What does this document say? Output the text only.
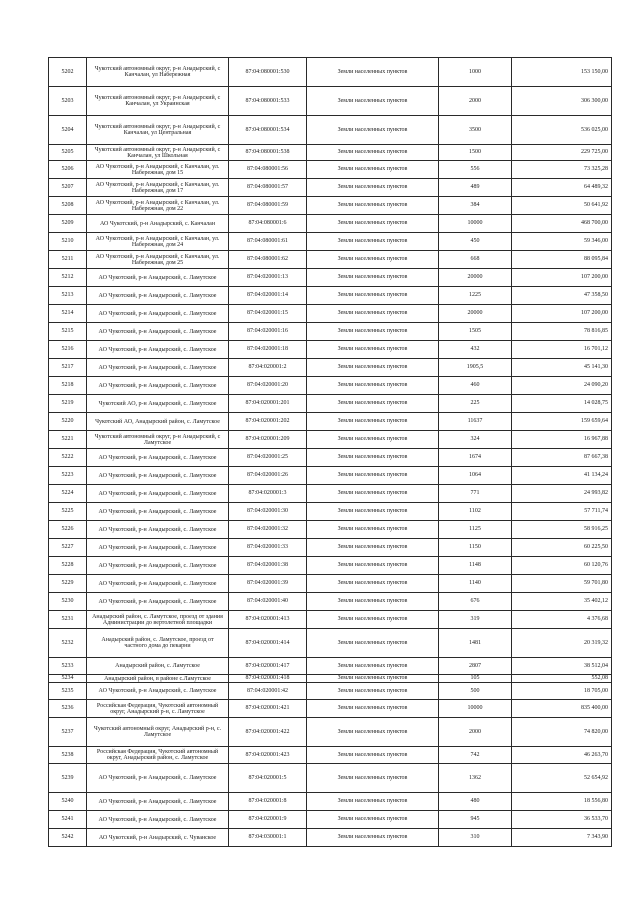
5202	Чукотский автономный округ, р-н Анадырский, с Канчалан, ул Набережная	87:04:080001:530	Земли населенных пунктов	1000	153 150,00
5203	Чукотский автономный округ, р-н Анадырский, с Канчалан, ул Украинская	87:04:080001:533	Земли населенных пунктов	2000	306 300,00
5204	Чукотский автономный округ, р-н Анадырский, с Канчалан, ул Центральная	87:04:080001:534	Земли населенных пунктов	3500	536 025,00
5205	Чукотский автономный округ, р-н Анадырский, с Канчалан, ул Школьная	87:04:080001:538	Земли населенных пунктов	1500	229 725,00
5206	АО Чукотский, р-н Анадырский, с Канчалан, ул. Набережная, дом 15	87:04:080001:56	Земли населенных пунктов	556	73 325,28
5207	АО Чукотский, р-н Анадырский, с Канчалан, ул. Набережная, дом 17	87:04:080001:57	Земли населенных пунктов	489	64 489,32
5208	АО Чукотский, р-н Анадырский, с Канчалан, ул. Набережная, дом 22	87:04:080001:59	Земли населенных пунктов	384	50 641,92
5209	АО Чукотский, р-н Анадырский, с. Канчалан	87:04:080001:6	Земли населенных пунктов	10000	468 700,00
5210	АО Чукотский, р-н Анадырский, с Канчалан, ул. Набережная, дом 24	87:04:080001:61	Земли населенных пунктов	450	59 346,00
5211	АО Чукотский, р-н Анадырский, с Канчалан, ул. Набережная, дом 25	87:04:080001:62	Земли населенных пунктов	668	88 095,84
5212	АО Чукотский, р-н Анадырский, с. Ламутское	87:04:020001:13	Земли населенных пунктов	20000	107 200,00
5213	АО Чукотский, р-н Анадырский, с. Ламутское	87:04:020001:14	Земли населенных пунктов	1225	47 358,50
5214	АО Чукотский, р-н Анадырский, с. Ламутское	87:04:020001:15	Земли населенных пунктов	20000	107 200,00
5215	АО Чукотский, р-н Анадырский, с. Ламутское	87:04:020001:16	Земли населенных пунктов	1505	78 816,85
5216	АО Чукотский, р-н Анадырский, с. Ламутское	87:04:020001:18	Земли населенных пунктов	432	16 701,12
5217	АО Чукотский, р-н Анадырский, с. Ламутское	87:04:020001:2	Земли населенных пунктов	1905,5	45 141,30
5218	АО Чукотский, р-н Анадырский, с. Ламутское	87:04:020001:20	Земли населенных пунктов	460	24 090,20
5219	Чукотский АО, р-н Анадырский, с. Ламутское	87:04:020001:201	Земли населенных пунктов	225	14 028,75
5220	Чукотский АО, Анадырский район, с. Ламутское	87:04:020001:202	Земли населенных пунктов	11637	159 659,64
5221	Чукотский автономный округ, р-н Анадырский, с Ламутское	87:04:020001:209	Земли населенных пунктов	324	16 967,88
5222	АО Чукотский, р-н Анадырский, с. Ламутское	87:04:020001:25	Земли населенных пунктов	1674	87 667,38
5223	АО Чукотский, р-н Анадырский, с. Ламутское	87:04:020001:26	Земли населенных пунктов	1064	41 134,24
5224	АО Чукотский, р-н Анадырский, с. Ламутское	87:04:020001:3	Земли населенных пунктов	771	24 993,82
5225	АО Чукотский, р-н Анадырский, с. Ламутское	87:04:020001:30	Земли населенных пунктов	1102	57 711,74
5226	АО Чукотский, р-н Анадырский, с. Ламутское	87:04:020001:32	Земли населенных пунктов	1125	58 916,25
5227	АО Чукотский, р-н Анадырский, с. Ламутское	87:04:020001:33	Земли населенных пунктов	1150	60 225,50
5228	АО Чукотский, р-н Анадырский, с. Ламутское	87:04:020001:38	Земли населенных пунктов	1148	60 120,76
5229	АО Чукотский, р-н Анадырский, с. Ламутское	87:04:020001:39	Земли населенных пунктов	1140	59 701,80
5230	АО Чукотский, р-н Анадырский, с. Ламутское	87:04:020001:40	Земли населенных пунктов	676	35 402,12
5231	Анадырский район, с. Ламутское, проезд от здания Администрации до вертолетной площадки	87:04:020001:413	Земли населенных пунктов	319	4 376,68
5232	Анадырский район, с. Ламутское, проезд от частного дома до пекарни	87:04:020001:414	Земли населенных пунктов	1481	20 319,32
5233	Анадырский район, с. Ламутское	87:04:020001:417	Земли населенных пунктов	2807	38 512,04
5234	Анадырский район, в районе с.Ламутское	87:04:020001:418	Земли населенных пунктов	105	552,08
5235	АО Чукотский, р-н Анадырский, с. Ламутское	87:04:020001:42	Земли населенных пунктов	500	18 705,00
5236	Российская Федерация, Чукотский автономный округ, Анадырский р-н, с. Ламутское	87:04:020001:421	Земли населенных пунктов	10000	835 400,00
5237	Чукотский автономный округ, Анадырский р-н, с. Ламутское	87:04:020001:422	Земли населенных пунктов	2000	74 820,00
5238	Российская Федерация, Чукотский автономный округ, Анадырский район, с. Ламутское	87:04:020001:423	Земли населенных пунктов	742	46 263,70
5239	АО Чукотский, р-н Анадырский, с. Ламутское	87:04:020001:5	Земли населенных пунктов	1362	52 654,92
5240	АО Чукотский, р-н Анадырский, с. Ламутское	87:04:020001:8	Земли населенных пунктов	480	18 556,80
5241	АО Чукотский, р-н Анадырский, с. Ламутское	87:04:020001:9	Земли населенных пунктов	945	36 533,70
5242	АО Чукотский, р-н Анадырский, с. Чуванское	87:04:030001:1	Земли населенных пунктов	310	7 343,90
